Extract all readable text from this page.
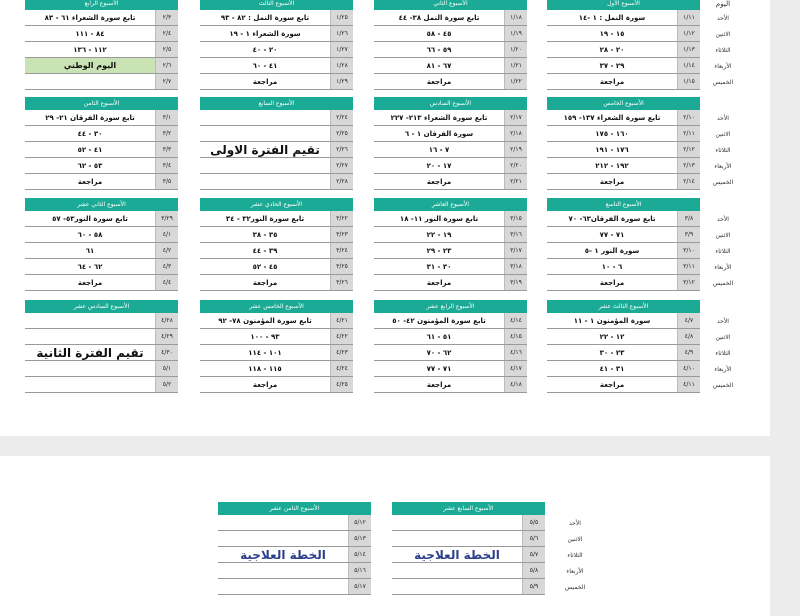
اليوم
الأحد
الاثنين
الثلاثاء
الأربعاء
الخميس
الأحد
الاثنين
الثلاثاء
الأربعاء
الخميس
الأحد
الاثنين
الثلاثاء
الأربعاء
الخميس
الأحد
الاثنين
الثلاثاء
الأربعاء
الخميس
الأحد
الاثنين
الثلاثاء
الأربعاء
الخميس
الأسبوع الأول
١/١١
سورة النمل : ١ -١٤
١/١٢
١٥ - ١٩
١/١٣
٢٠ - ٢٨
١/١٤
٢٩ - ٣٧
١/١٥
مراجعة
الأسبوع الثاني
١/١٨
تابع سورة النمل ٣٨- ٤٤
١/١٩
٤٥ - ٥٨
١/٢٠
٥٩ - ٦٦
١/٢١
٦٧ - ٨١
١/٢٢
مراجعة
الأسبوع الثالث
١/٢٥
تابع سورة النمل : ٨٢ - ٩٣
١/٢٦
سورة الشعراء ١ - ١٩
١/٢٧
٢٠ - ٤٠
١/٢٨
٤١ - ٦٠
١/٢٩
مراجعة
الأسبوع الرابع
٢/٣
تابع سورة الشعراء ٦١ - ٨٣
٢/٤
٨٤ - ١١١
٢/٥
١١٢ - ١٣٦
٢/٦
اليوم الوطني
٢/٧
الأسبوع الخامس
٢/١٠
تابع سورة الشعراء ١٣٧- ١٥٩
٢/١١
١٦٠ - ١٧٥
٢/١٢
١٧٦ - ١٩١
٢/١٣
١٩٢ - ٢١٢
٢/١٤
مراجعة
الأسبوع السادس
٢/١٧
تابع سورة الشعراء ٢١٣- ٢٢٧
٢/١٨
سورة الفرقان ١ - ٦
٢/١٩
٧ - ١٦
٢/٢٠
١٧ - ٢٠
٢/٢١
مراجعة
الأسبوع السابع
٢/٢٤
٢/٢٥
٢/٢٦
٢/٢٧
٢/٢٨
تقيم الفترة الاولى
الأسبوع الثامن
٣/١
تابع سورة الفرقان ٢١- ٢٩
٣/٢
٣٠ - ٤٤
٣/٣
٤١ - ٥٢
٣/٤
٥٣ - ٦٢
٣/٥
مراجعة
الأسبوع التاسع
٣/٨
تابع سورة الفرقان٦٣- ٧٠
٣/٩
٧١ - ٧٧
٣/١٠
سورة النور ١ -٥
٣/١١
٦ - ١٠
٣/١٢
مراجعة
الأسبوع العاشر
٣/١٥
تابع سورة النور ١١- ١٨
٣/١٦
١٩ - ٢٢
٣/١٧
٢٣ - ٢٩
٣/١٨
٣٠ - ٣١
٣/١٩
مراجعة
الأسبوع الحادي عشر
٣/٢٢
تابع سورة النور٣٢ - ٣٤
٣/٢٣
٣٥ - ٣٨
٣/٢٤
٣٩ - ٤٤
٣/٢٥
٤٥ - ٥٢
٣/٢٦
مراجعة
الأسبوع الثاني عشر
٣/٢٩
تابع سورة النور٥٣- ٥٧
٤/١
٥٨ - ٦٠
٤/٢
٦١
٤/٣
٦٢ - ٦٤
٤/٤
مراجعة
الأسبوع الثالث عشر
٤/٧
سورة المؤمنون ١ - ١١
٤/٨
١٢ - ٢٢
٤/٩
٢٣ - ٣٠
٤/١٠
٣١ - ٤١
٤/١١
مراجعة
الأسبوع الرابع عشر
٤/١٤
تابع سورة المؤمنون ٤٢- ٥٠
٤/١٥
٥١ - ٦١
٤/١٦
٦٢ - ٧٠
٤/١٧
٧١ - ٧٧
٤/١٨
مراجعة
الأسبوع الخامس عشر
٤/٢١
تابع سورة المؤمنون ٧٨- ٩٢
٤/٢٢
٩٣ - ١٠٠
٤/٢٣
١٠١ - ١١٤
٤/٢٤
١١٥ - ١١٨
٤/٢٥
مراجعة
الأسبوع السادس عشر
٤/٢٨
٤/٢٩
٤/٣٠
٥/١
٥/٢
تقيم الفترة الثانية
الأسبوع السابع عشر
٥/٥
٥/٦
٥/٧
٥/٨
٥/٩
الخطة العلاجية
الأسبوع الثامن عشر
٥/١٢
٥/١٣
٥/١٤
٥/١٦
٥/١٧
الخطة العلاجية
